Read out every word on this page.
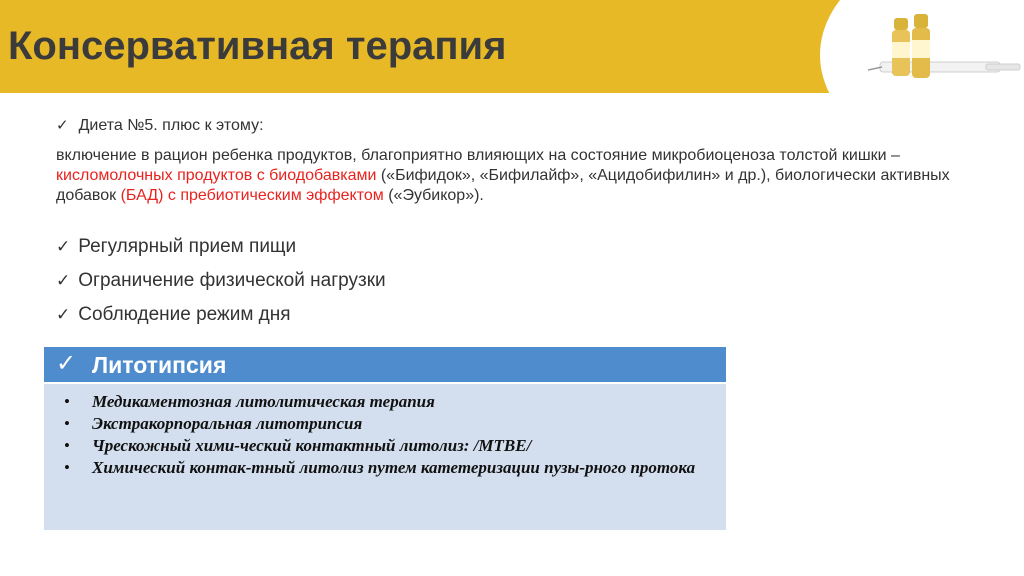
Консервативная терапия
✓ Диета №5. плюс к этому:
включение в рацион ребенка продуктов, благоприятно влияющих на состояние микробиоценоза толстой кишки – кисломолочных продуктов с биодобавками («Бифидок», «Бифилайф», «Ацидобифилин» и др.), биологически активных добавок (БАД) с пребиотическим эффектом («Эубикор»).
✓ Регулярный прием пищи
✓ Ограничение физической нагрузки
✓ Соблюдение режим дня
✓ Литотипсия
• Медикаментозная литолитическая терапия
• Экстракорпоральная литотрипсия
• Чрескожный хими-ческий контактный литолиз: /МТВЕ/
• Химический контак-тный литолиз путем катетеризации пузы-рного протока
